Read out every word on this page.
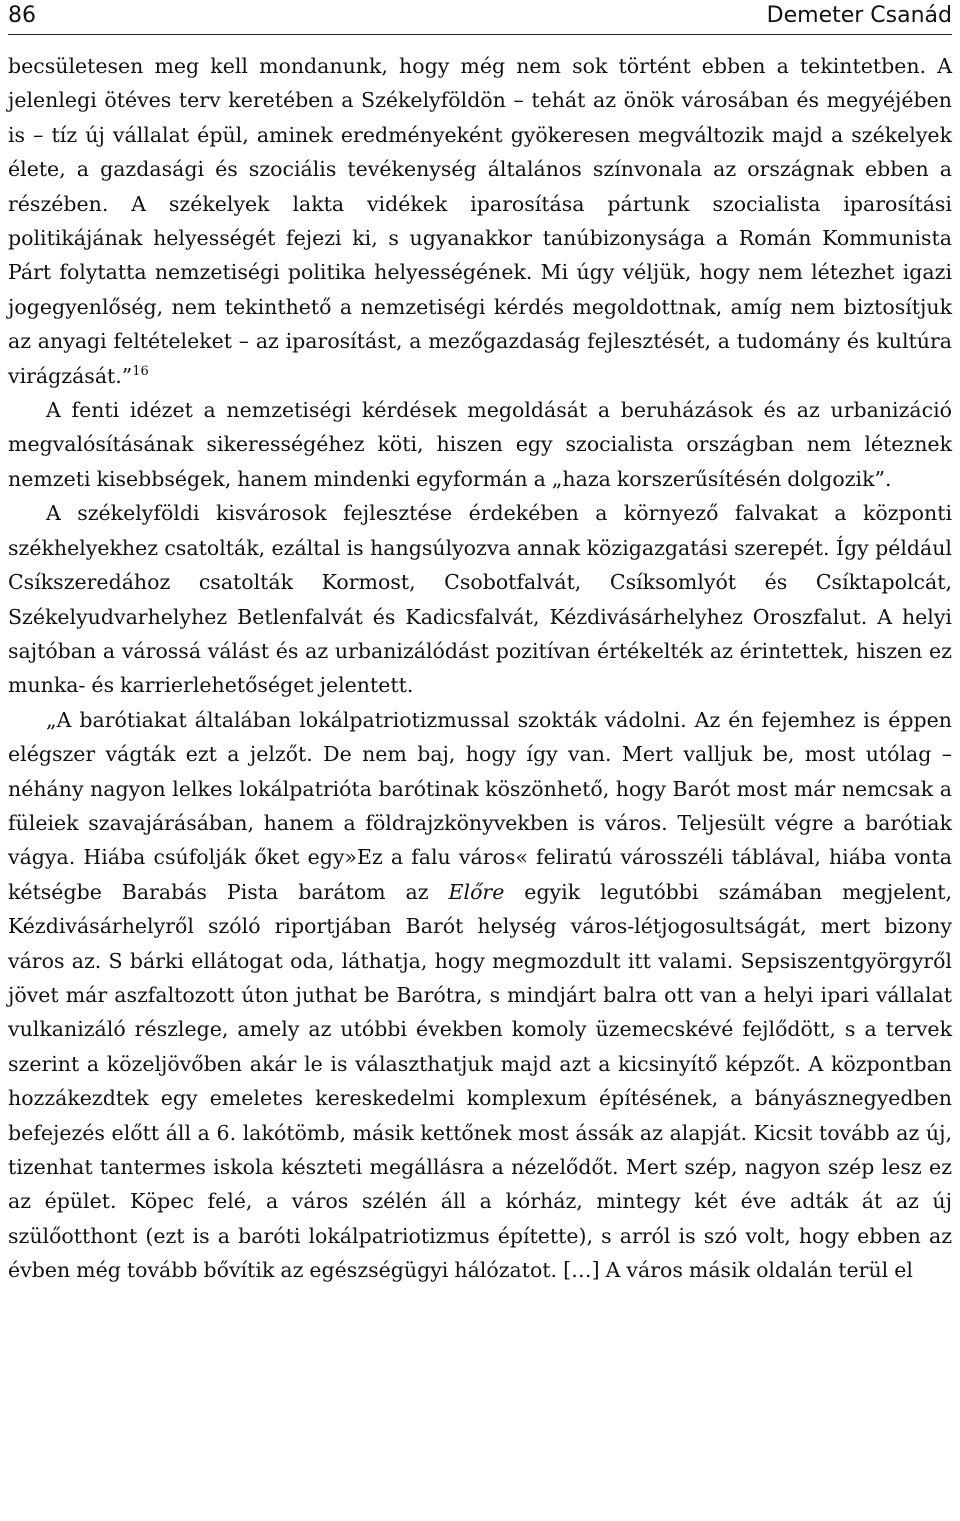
86	Demeter Csanád

becsületesen meg kell mondanunk, hogy még nem sok történt ebben a tekintetben. A jelenlegi ötéves terv keretében a Székelyföldön – tehát az önök városában és megyéjében is – tíz új vállalat épül, aminek eredményeként gyökeresen megváltozik majd a székelyek élete, a gazdasági és szociális tevékenység általános színvonala az országnak ebben a részében. A székelyek lakta vidékek iparosítása pártunk szocialista iparosítási politikájának helyességét fejezi ki, s ugyanakkor tanúbizonysága a Román Kommunista Párt folytatta nemzetiségi politika helyességének. Mi úgy véljük, hogy nem létezhet igazi jogegyenlőség, nem tekinthető a nemzetiségi kérdés megoldottnak, amíg nem biztosítjuk az anyagi feltételeket – az iparosítást, a mezőgazdaság fejlesztését, a tudomány és kultúra virágzását.”$^{16}$

A fenti idézet a nemzetiségi kérdések megoldását a beruházások és az urbanizáció megvalósításának sikerességéhez köti, hiszen egy szocialista országban nem léteznek nemzeti kisebbségek, hanem mindenki egyformán a „haza korszerűsítésén dolgozik”.

A székelyföldi kisvárosok fejlesztése érdekében a környező falvakat a központi székhelyekhez csatolták, ezáltal is hangsúlyozva annak közigazgatási szerepét. Így például Csíkszeredához csatolták Kormost, Csobotfalvát, Csíksomlyót és Csíktapolcát, Székelyudvarhelyhez Betlenfalvát és Kadicsfalvát, Kézdivásárhelyhez Oroszfalut. A helyi sajtóban a várossá válást és az urbanizálódást pozitívan értékelték az érintettek, hiszen ez munka- és karrierlehetőséget jelentett.

„A barótiakat általában lokálpatriotizmussal szokták vádolni. Az én fejemhez is éppen elégszer vágták ezt a jelzőt. De nem baj, hogy így van. Mert valljuk be, most utólag – néhány nagyon lelkes lokálpatrióta barótinak köszönhető, hogy Barót most már nemcsak a füleiek szavajárásában, hanem a földrajzkönyvekben is város. Teljesült végre a barótiak vágya. Hiába csúfolják őket egy»Ez a falu város« feliratú városszéli táblával, hiába vonta kétségbe Barabás Pista barátom az Előre egyik legutóbbi számában megjelent, Kézdivásárhelyről szóló riportjában Barót helység város-létjogosultságát, mert bizony város az. S bárki ellátogat oda, láthatja, hogy megmozdult itt valami. Sepsiszentgyörgyről jövet már aszfaltozott úton juthat be Barótra, s mindjárt balra ott van a helyi ipari vállalat vulkanizáló részlege, amely az utóbbi években komoly üzemecskévé fejlődött, s a tervek szerint a közeljövőben akár le is választhatjuk majd azt a kicsinyítő képzőt. A központban hozzákezdtek egy emeletes kereskedelmi komplexum építésének, a bányásznegyedben befejezés előtt áll a 6. lakótömb, másik kettőnek most ássák az alapját. Kicsit tovább az új, tizenhat tantermes iskola készteti megállásra a nézelődőt. Mert szép, nagyon szép lesz ez az épület. Köpec felé, a város szélén áll a kórház, mintegy két éve adták át az új szülőotthont (ezt is a baróti lokálpatriotizmus építette), s arról is szó volt, hogy ebben az évben még tovább bővítik az egészségügyi hálózatot. […] A város másik oldalán terül el
